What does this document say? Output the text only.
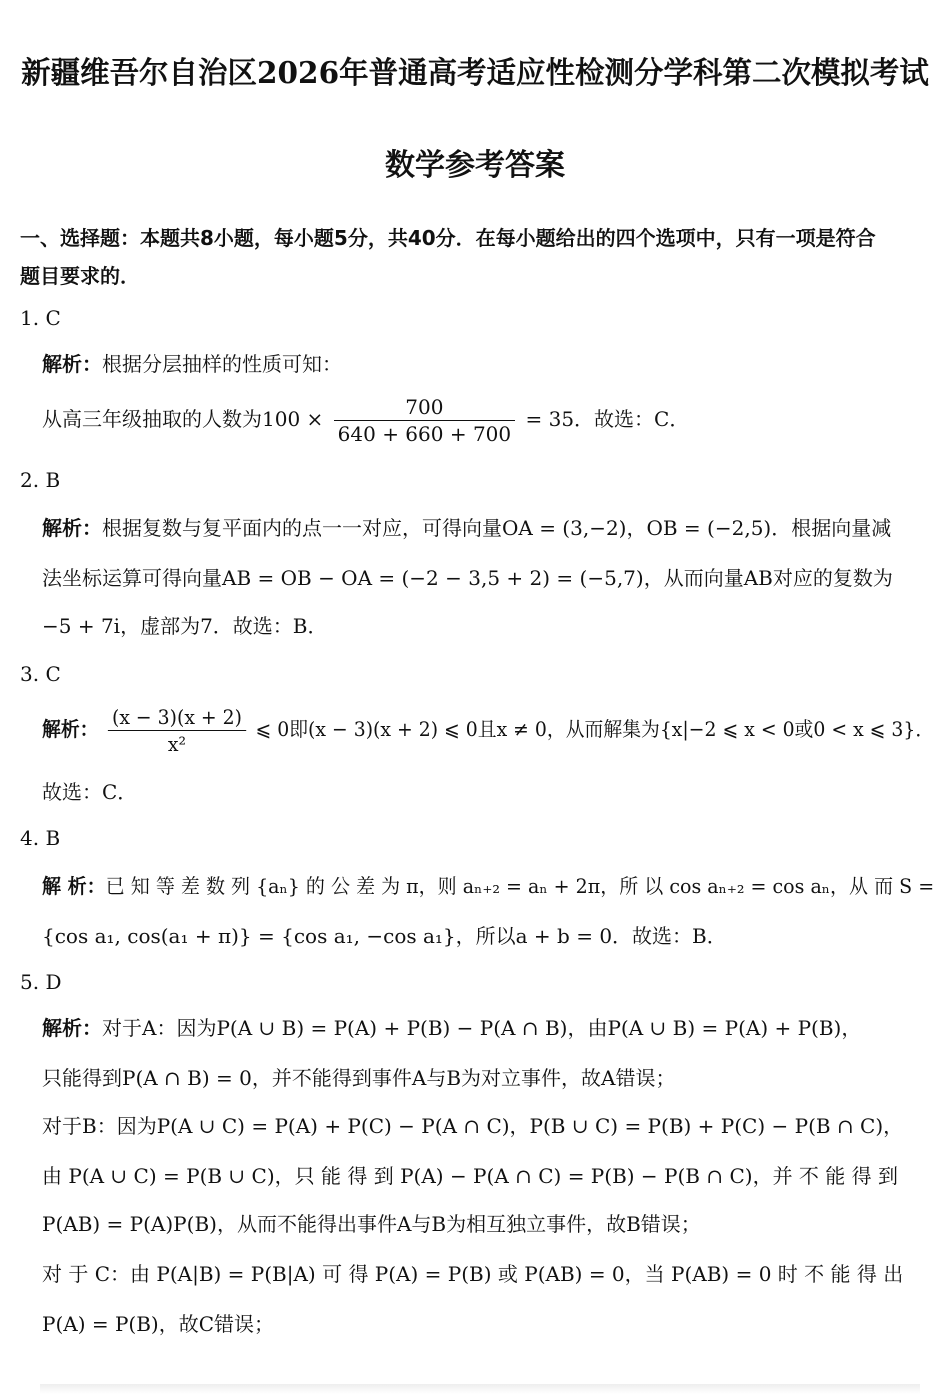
新疆维吾尔自治区2026年普通高考适应性检测分学科第二次模拟考试
数学参考答案
一、选择题：本题共8小题，每小题5分，共40分．在每小题给出的四个选项中，只有一项是符合
题目要求的．
1. C
解析：根据分层抽样的性质可知：
从高三年级抽取的人数为$100 \times \frac{700}{640 + 660 + 700} = 35$．故选：C．
2. B
解析：根据复数与复平面内的点一一对应，可得向量OA = (3,−2)，OB = (−2,5)．根据向量减
法坐标运算可得向量AB = OB − OA = (−2 − 3,5 + 2) = (−5,7)，从而向量AB对应的复数为
−5 + 7i，虚部为7．故选：B．
3. C
解析： $\frac{(x - 3)(x + 2)}{\text{x²}}$ ⩽ 0即(x − 3)(x + 2) ⩽ 0且x ≠ 0，从而解集为{x|−2 ⩽ x < 0或0 < x ⩽ 3}．
故选：C．
4. B
解 析：已 知 等 差 数 列 {aₙ} 的 公 差 为 π，则 aₙ₊₂ = aₙ + 2π，所 以 cos aₙ₊₂ = cos aₙ，从 而 S =
{cos a₁, cos(a₁ + π)} = {cos a₁, −cos a₁}，所以a + b = 0．故选：B．
5. D
解析：对于A：因为P(A ∪ B) = P(A) + P(B) − P(A ∩ B)，由P(A ∪ B) = P(A) + P(B)，
只能得到P(A ∩ B) = 0，并不能得到事件A与B为对立事件，故A错误；
对于B：因为P(A ∪ C) = P(A) + P(C) − P(A ∩ C)，P(B ∪ C) = P(B) + P(C) − P(B ∩ C)，
由 P(A ∪ C) = P(B ∪ C)，只 能 得 到 P(A) − P(A ∩ C) = P(B) − P(B ∩ C)，并 不 能 得 到
P(AB) = P(A)P(B)，从而不能得出事件A与B为相互独立事件，故B错误；
对 于 C：由 P(A|B) = P(B|A) 可 得 P(A) = P(B) 或 P(AB) = 0，当 P(AB) = 0 时 不 能 得 出
P(A) = P(B)，故C错误；
